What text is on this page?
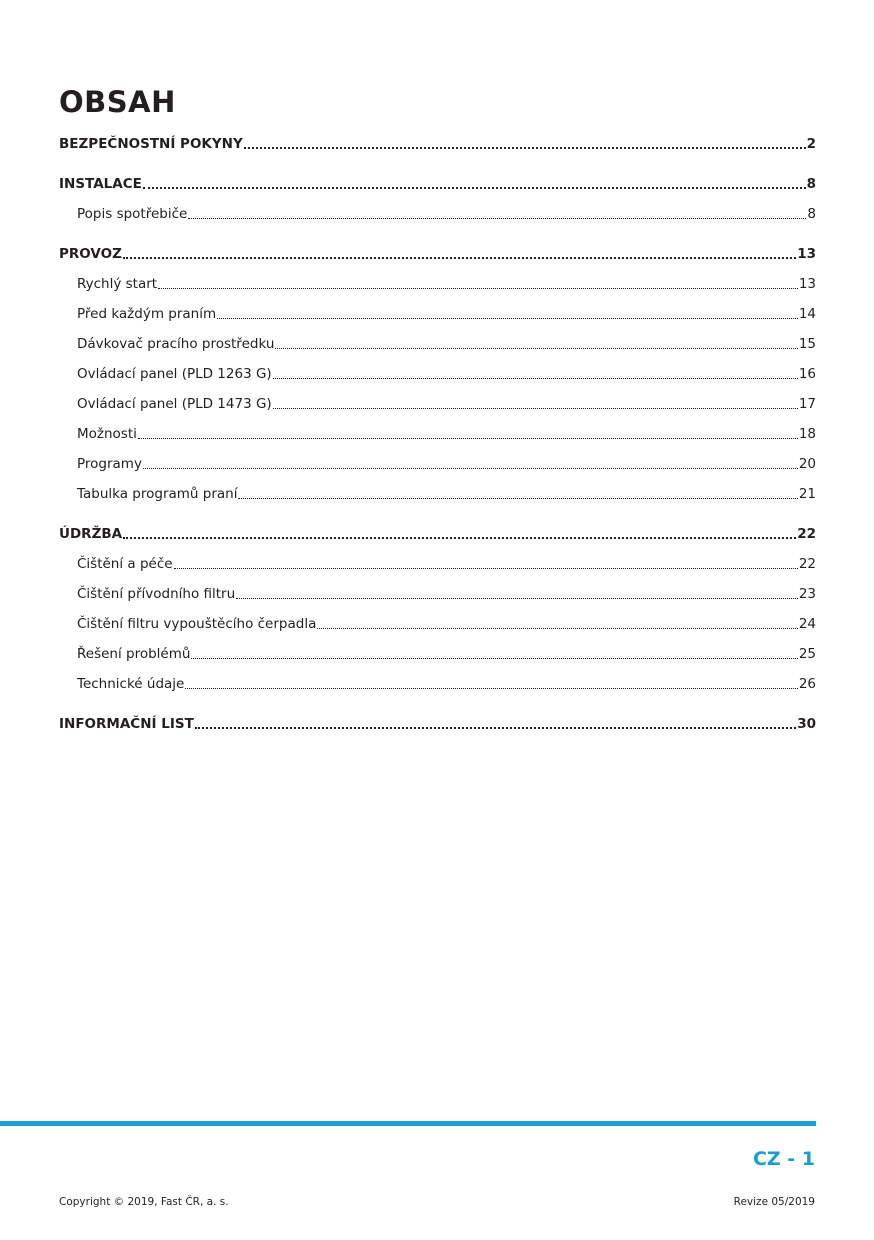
OBSAH
BEZPEČNOSTNÍ POKYNY	2
INSTALACE	8
Popis spotřebiče	8
PROVOZ	13
Rychlý start	13
Před každým praním	14
Dávkovač pracího prostředku	15
Ovládací panel (PLD 1263 G)	16
Ovládací panel (PLD 1473 G)	17
Možnosti	18
Programy	20
Tabulka programů praní	21
ÚDRŽBA	22
Čištění a péče	22
Čištění přívodního filtru	23
Čištění filtru vypouštěcího čerpadla	24
Řešení problémů	25
Technické údaje	26
INFORMAČNÍ LIST	30
CZ - 1
Copyright © 2019, Fast ČR, a. s.	Revize 05/2019
